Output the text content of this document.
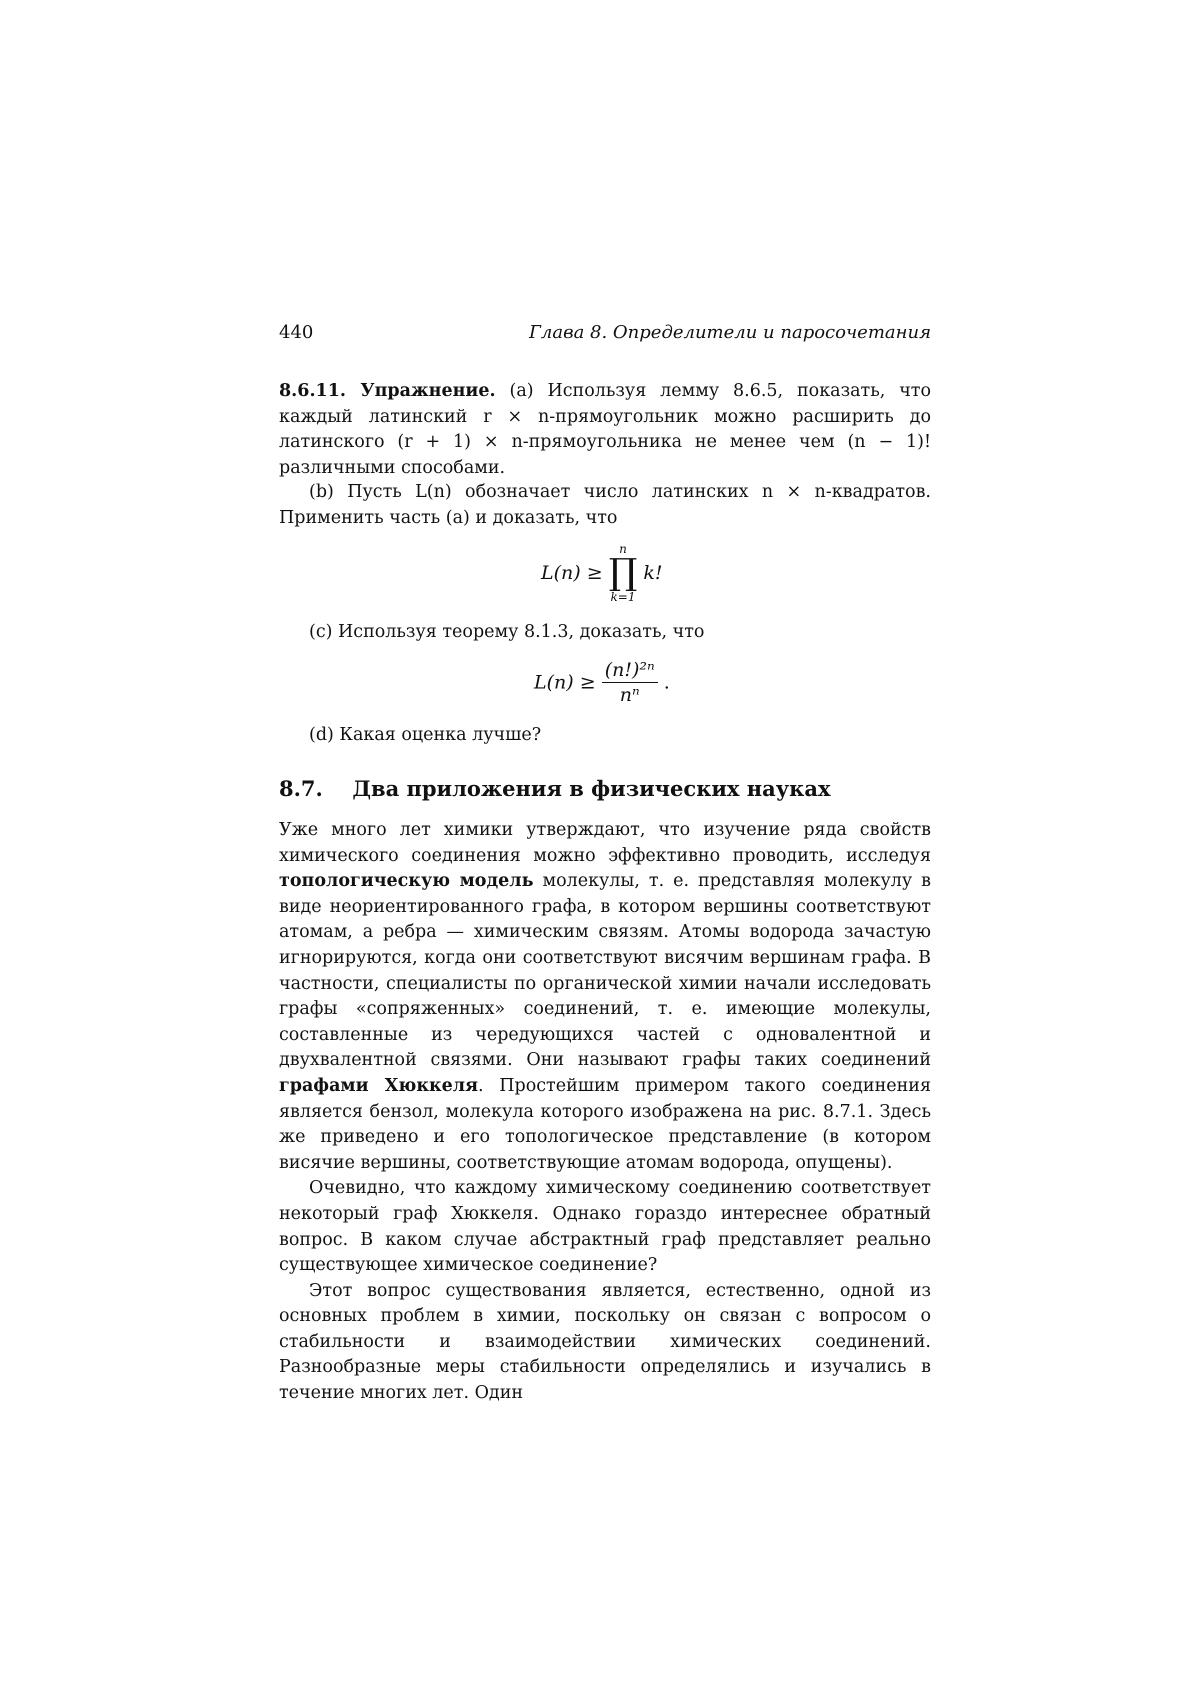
440	Глава 8. Определители и паросочетания

8.6.11. Упражнение. (а) Используя лемму 8.6.5, показать, что каждый латинский r × n-прямоугольник можно расширить до латинского (r + 1) × n-прямоугольника не менее чем (n − 1)! различными способами.

(b) Пусть L(n) обозначает число латинских n × n-квадратов. Применить часть (а) и доказать, что

L(n) ≥
n
∏
k=1
k!

(с) Используя теорему 8.1.3, доказать, что

$L(n) \ge \frac{\text{(n!)²ⁿ}}{\text{nⁿ}}$ .

(d) Какая оценка лучше?

8.7. Два приложения в физических науках

Уже много лет химики утверждают, что изучение ряда свойств химического соединения можно эффективно проводить, исследуя топологическую модель молекулы, т. е. представляя молекулу в виде неориентированного графа, в котором вершины соответствуют атомам, а ребра — химическим связям. Атомы водорода зачастую игнорируются, когда они соответствуют висячим вершинам графа. В частности, специалисты по органической химии начали исследовать графы «сопряженных» соединений, т. е. имеющие молекулы, составленные из чередующихся частей с одновалентной и двухвалентной связями. Они называют графы таких соединений графами Хюккеля. Простейшим примером такого соединения является бензол, молекула которого изображена на рис. 8.7.1. Здесь же приведено и его топологическое представление (в котором висячие вершины, соответствующие атомам водорода, опущены).

Очевидно, что каждому химическому соединению соответствует некоторый граф Хюккеля. Однако гораздо интереснее обратный вопрос. В каком случае абстрактный граф представляет реально существующее химическое соединение?

Этот вопрос существования является, естественно, одной из основных проблем в химии, поскольку он связан с вопросом о стабильности и взаимодействии химических соединений. Разнообразные меры стабильности определялись и изучались в течение многих лет. Один
